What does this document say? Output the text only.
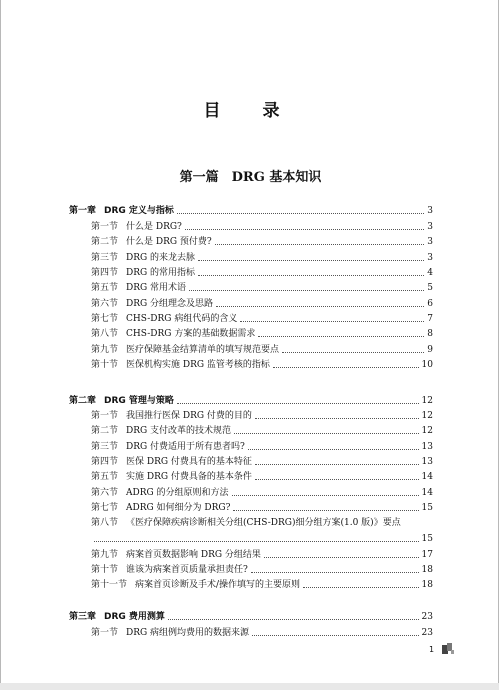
目 录
第一篇　DRG 基本知识
第一章 DRG 定义与指标	3
第一节 什么是 DRG?	3
第二节 什么是 DRG 预付费?	3
第三节 DRG 的来龙去脉	3
第四节 DRG 的常用指标	4
第五节 DRG 常用术语	5
第六节 DRG 分组理念及思路	6
第七节 CHS-DRG 病组代码的含义	7
第八节 CHS-DRG 方案的基础数据需求	8
第九节 医疗保障基金结算清单的填写规范要点	9
第十节 医保机构实施 DRG 监管考核的指标	10
第二章 DRG 管理与策略	12
第一节 我国推行医保 DRG 付费的目的	12
第二节 DRG 支付改革的技术规范	12
第三节 DRG 付费适用于所有患者吗?	13
第四节 医保 DRG 付费具有的基本特征	13
第五节 实施 DRG 付费具备的基本条件	14
第六节 ADRG 的分组原则和方法	14
第七节 ADRG 如何细分为 DRG?	15
第八节 《医疗保障疾病诊断相关分组(CHS-DRG)细分组方案(1.0 版)》要点
15
第九节 病案首页数据影响 DRG 分组结果	17
第十节 谁该为病案首页质量承担责任?	18
第十一节 病案首页诊断及手术/操作填写的主要原则	18
第三章 DRG 费用测算	23
第一节 DRG 病组例均费用的数据来源	23
1
